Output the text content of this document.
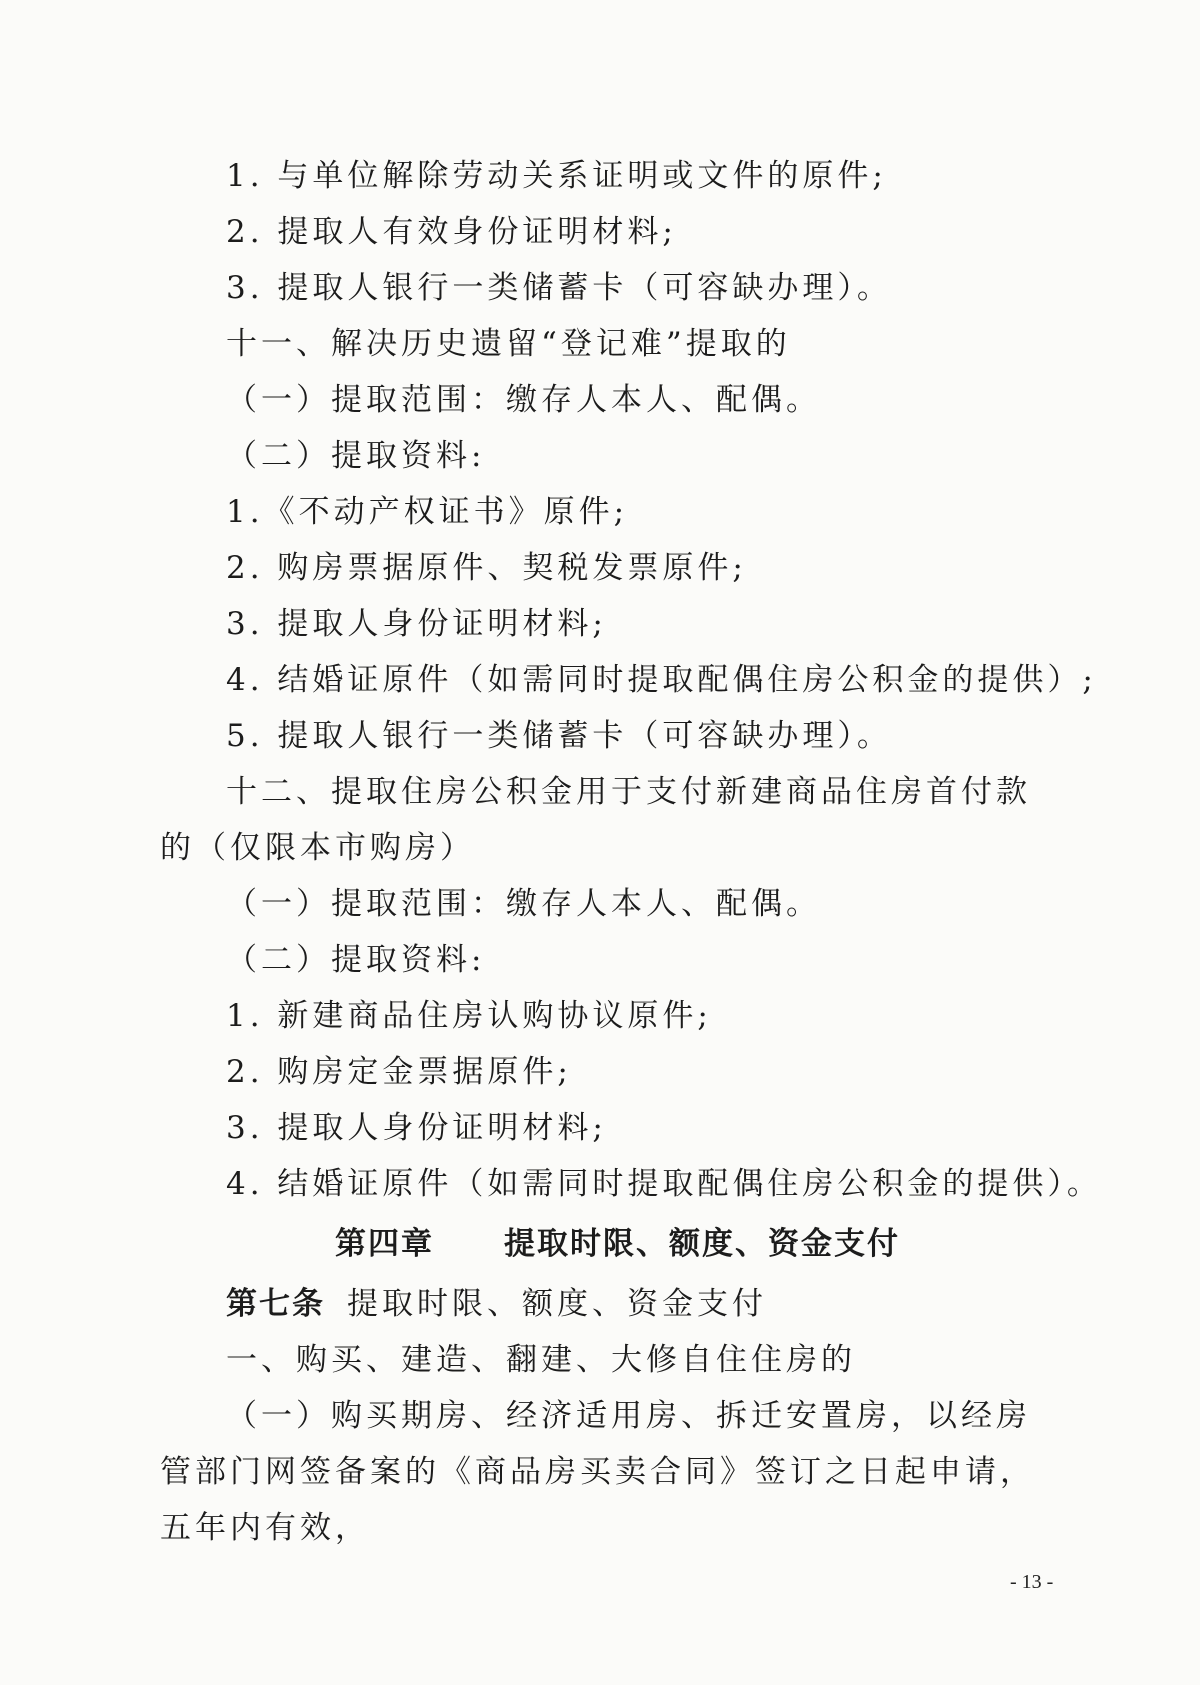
1. 与单位解除劳动关系证明或文件的原件;
2. 提取人有效身份证明材料;
3. 提取人银行一类储蓄卡（可容缺办理）。
十一、解决历史遗留“登记难”提取的
（一）提取范围：缴存人本人、配偶。
（二）提取资料:
1.《不动产权证书》原件;
2. 购房票据原件、契税发票原件;
3. 提取人身份证明材料;
4. 结婚证原件（如需同时提取配偶住房公积金的提供）;
5. 提取人银行一类储蓄卡（可容缺办理）。
十二、提取住房公积金用于支付新建商品住房首付款的（仅限本市购房）
（一）提取范围：缴存人本人、配偶。
（二）提取资料:
1. 新建商品住房认购协议原件;
2. 购房定金票据原件;
3. 提取人身份证明材料;
4. 结婚证原件（如需同时提取配偶住房公积金的提供）。
第四章 提取时限、额度、资金支付
第七条 提取时限、额度、资金支付
一、购买、建造、翻建、大修自住住房的
（一）购买期房、经济适用房、拆迁安置房，以经房管部门网签备案的《商品房买卖合同》签订之日起申请，五年内有效，
- 13 -
